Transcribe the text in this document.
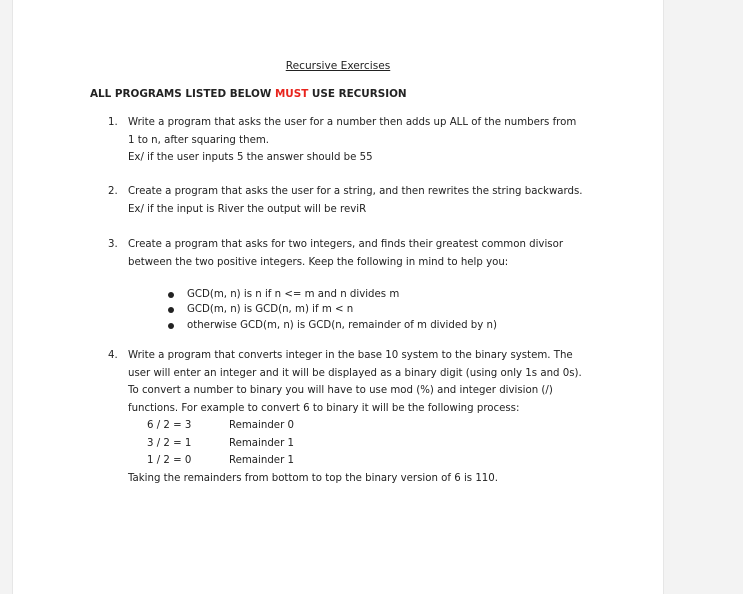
Recursive Exercises
ALL PROGRAMS LISTED BELOW MUST USE RECURSION
1. Write a program that asks the user for a number then adds up ALL of the numbers from
1 to n, after squaring them.
Ex/ if the user inputs 5 the answer should be 55
2. Create a program that asks the user for a string, and then rewrites the string backwards.
Ex/ if the input is River the output will be reviR
3. Create a program that asks for two integers, and finds their greatest common divisor
between the two positive integers. Keep the following in mind to help you:
GCD(m, n) is n if n <= m and n divides m
GCD(m, n) is GCD(n, m) if m < n
otherwise GCD(m, n) is GCD(n, remainder of m divided by n)
4. Write a program that converts integer in the base 10 system to the binary system. The
user will enter an integer and it will be displayed as a binary digit (using only 1s and 0s).
To convert a number to binary you will have to use mod (%) and integer division (/)
functions. For example to convert 6 to binary it will be the following process:
6 / 2 = 3	Remainder 0
3 / 2 = 1	Remainder 1
1 / 2 = 0	Remainder 1
Taking the remainders from bottom to top the binary version of 6 is 110.
